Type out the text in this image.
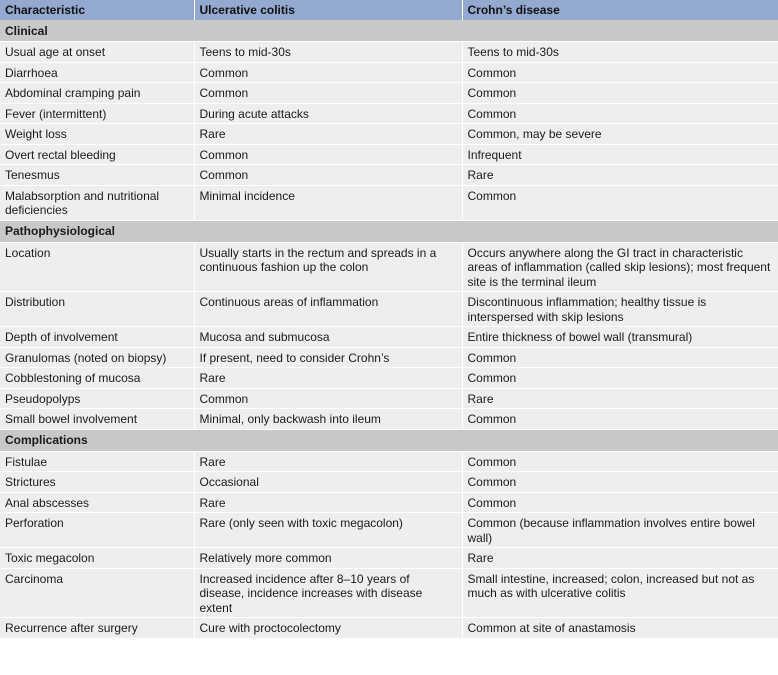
Characteristic	Ulcerative colitis	Crohn’s disease
Clinical		
Usual age at onset	Teens to mid-30s	Teens to mid-30s
Diarrhoea	Common	Common
Abdominal cramping pain	Common	Common
Fever (intermittent)	During acute attacks	Common
Weight loss	Rare	Common, may be severe
Overt rectal bleeding	Common	Infrequent
Tenesmus	Common	Rare
Malabsorption and nutritional deficiencies	Minimal incidence	Common
Pathophysiological		
Location	Usually starts in the rectum and spreads in a continuous fashion up the colon	Occurs anywhere along the GI tract in characteristic areas of inflammation (called skip lesions); most frequent site is the terminal ileum
Distribution	Continuous areas of inflammation	Discontinuous inflammation; healthy tissue is interspersed with skip lesions
Depth of involvement	Mucosa and submucosa	Entire thickness of bowel wall (transmural)
Granulomas (noted on biopsy)	If present, need to consider Crohn’s	Common
Cobblestoning of mucosa	Rare	Common
Pseudopolyps	Common	Rare
Small bowel involvement	Minimal, only backwash into ileum	Common
Complications		
Fistulae	Rare	Common
Strictures	Occasional	Common
Anal abscesses	Rare	Common
Perforation	Rare (only seen with toxic megacolon)	Common (because inflammation involves entire bowel wall)
Toxic megacolon	Relatively more common	Rare
Carcinoma	Increased incidence after 8–10 years of disease, incidence increases with disease extent	Small intestine, increased; colon, increased but not as much as with ulcerative colitis
Recurrence after surgery	Cure with proctocolectomy	Common at site of anastamosis
